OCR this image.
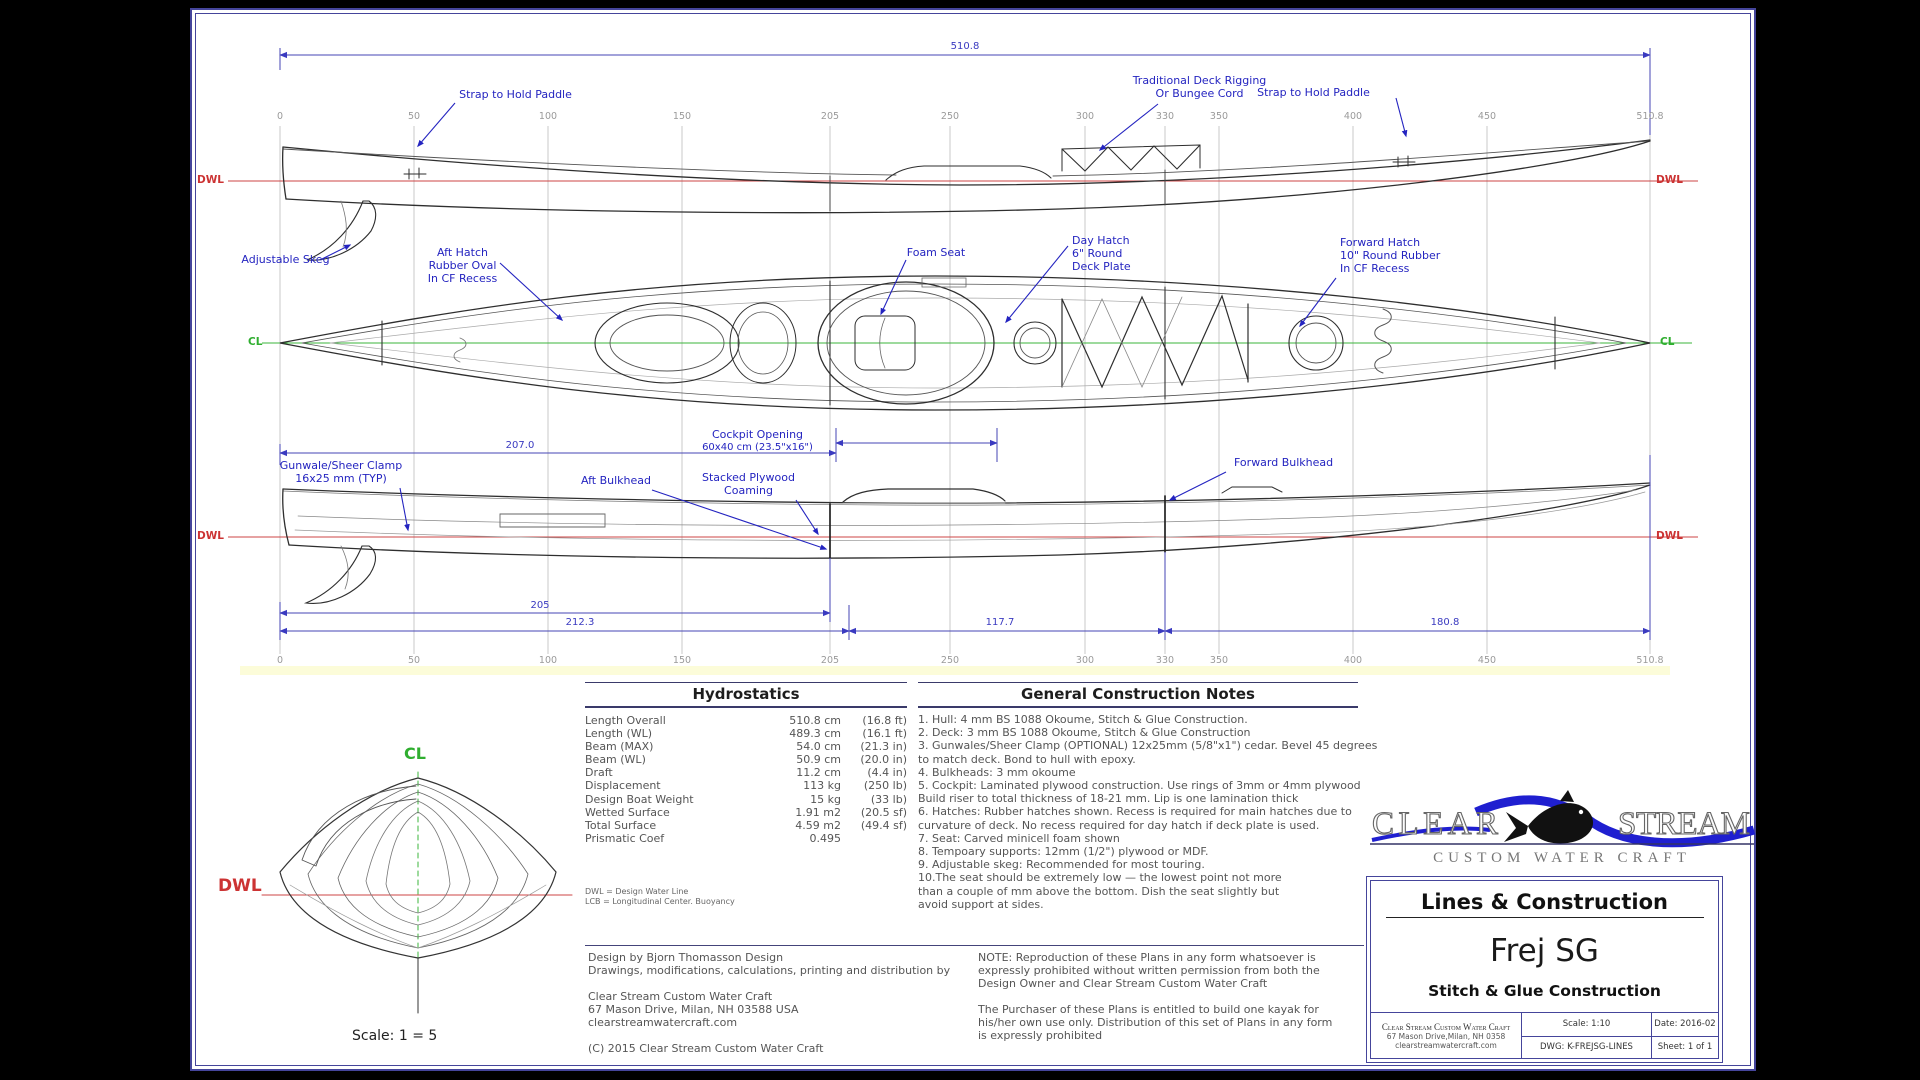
0	50	100	150	205	250	300	330	350	400	450	510.8
0	50	100	150	205	250	300	330	350	400	450	510.8
510.8
207.0
205
212.3	117.7	180.8
DWL	DWL
DWL	DWL
CL	CL
Strap to Hold Paddle
Traditional Deck Rigging
Or Bungee Cord	Strap to Hold Paddle
Adjustable Skeg
Aft Hatch
Rubber Oval
In CF Recess
Foam Seat
Day Hatch
6" Round
Deck Plate
Forward Hatch
10" Round Rubber
In CF Recess
Cockpit Opening
60x40 cm (23.5"x16")
Gunwale/Sheer Clamp
16x25 mm (TYP)	Aft Bulkhead	Stacked Plywood
Coaming
Forward Bulkhead
CL
DWL
Scale: 1 = 5
Hydrostatics
Length Overall	510.8 cm	(16.8 ft)
Length (WL)	489.3 cm	(16.1 ft)
Beam (MAX)	54.0 cm	(21.3 in)
Beam (WL)	50.9 cm	(20.0 in)
Draft	11.2 cm	(4.4 in)
Displacement	113 kg	(250 lb)
Design Boat Weight	15 kg	(33 lb)
Wetted Surface	1.91 m2	(20.5 sf)
Total Surface	4.59 m2	(49.4 sf)
Prismatic Coef	0.495
DWL = Design Water Line
LCB = Longitudinal Center. Buoyancy
General Construction Notes
1. Hull: 4 mm BS 1088 Okoume, Stitch & Glue Construction.
2. Deck: 3 mm BS 1088 Okoume, Stitch & Glue Construction
3. Gunwales/Sheer Clamp (OPTIONAL) 12x25mm (5/8"x1") cedar. Bevel 45 degrees
to match deck. Bond to hull with epoxy.
4. Bulkheads: 3 mm okoume
5. Cockpit: Laminated plywood construction. Use rings of 3mm or 4mm plywood
Build riser to total thickness of 18-21 mm. Lip is one lamination thick
6. Hatches: Rubber hatches shown. Recess is required for main hatches due to
curvature of deck. No recess required for day hatch if deck plate is used.
7. Seat: Carved minicell foam shown
8. Tempoary supports: 12mm (1/2") plywood or MDF.
9. Adjustable skeg: Recommended for most touring.
10.The seat should be extremely low — the lowest point not more
than a couple of mm above the bottom. Dish the seat slightly but
avoid support at sides.
Design by Bjorn Thomasson Design
Drawings, modifications, calculations, printing and distribution by
Clear Stream Custom Water Craft
67 Mason Drive, Milan, NH 03588 USA
clearstreamwatercraft.com
(C) 2015 Clear Stream Custom Water Craft
NOTE: Reproduction of these Plans in any form whatsoever is
expressly prohibited without written permission from both the
Design Owner and Clear Stream Custom Water Craft
The Purchaser of these Plans is entitled to build one kayak for
his/her own use only. Distribution of this set of Plans in any form
is expressly prohibited
CLEAR	STREAM
CUSTOM WATER CRAFT
Lines & Construction
Frej SG
Stitch & Glue Construction
Clear Stream Custom Water Craft
67 Mason Drive,Milan, NH 0358
clearstreamwatercraft.com
Scale: 1:10	Date: 2016-02
DWG: K-FREJSG-LINES	Sheet: 1 of 1
